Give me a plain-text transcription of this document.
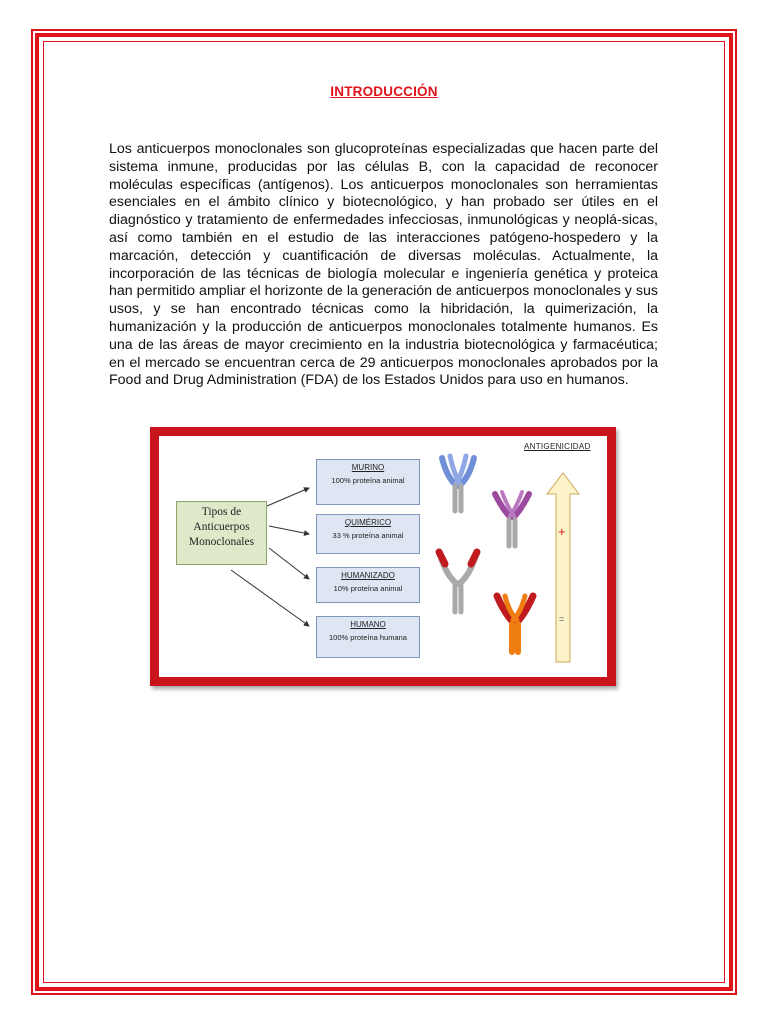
INTRODUCCIÓN

Los anticuerpos monoclonales son glucoproteínas especializadas que hacen parte del sistema inmune, producidas por las células B, con la capacidad de reconocer moléculas específicas (antígenos). Los anticuerpos monoclonales son herramientas esenciales en el ámbito clínico y biotecnológico, y han probado ser útiles en el diagnóstico y tratamiento de enfermedades infecciosas, inmunológicas y neoplá-sicas, así como también en el estudio de las interacciones patógeno-hospedero y la marcación, detección y cuantificación de diversas moléculas. Actualmente, la incorporación de las técnicas de biología molecular e ingeniería genética y proteica han permitido ampliar el horizonte de la generación de anticuerpos monoclonales y sus usos, y se han encontrado técnicas como la hibridación, la quimerización, la humanización y la producción de anticuerpos monoclonales totalmente humanos. Es una de las áreas de mayor crecimiento en la industria biotecnológica y farmacéutica; en el mercado se encuentran cerca de 29 anticuerpos monoclonales aprobados por la Food and Drug Administration (FDA) de los Estados Unidos para uso en humanos.

+
=
ANTIGENICIDAD
Tipos de
Anticuerpos
Monoclonales
MURINO
100% proteína animal
QUIMÉRICO
33 % proteína animal
HUMANIZADO
10% proteína animal
HUMANO
100% proteína humana
